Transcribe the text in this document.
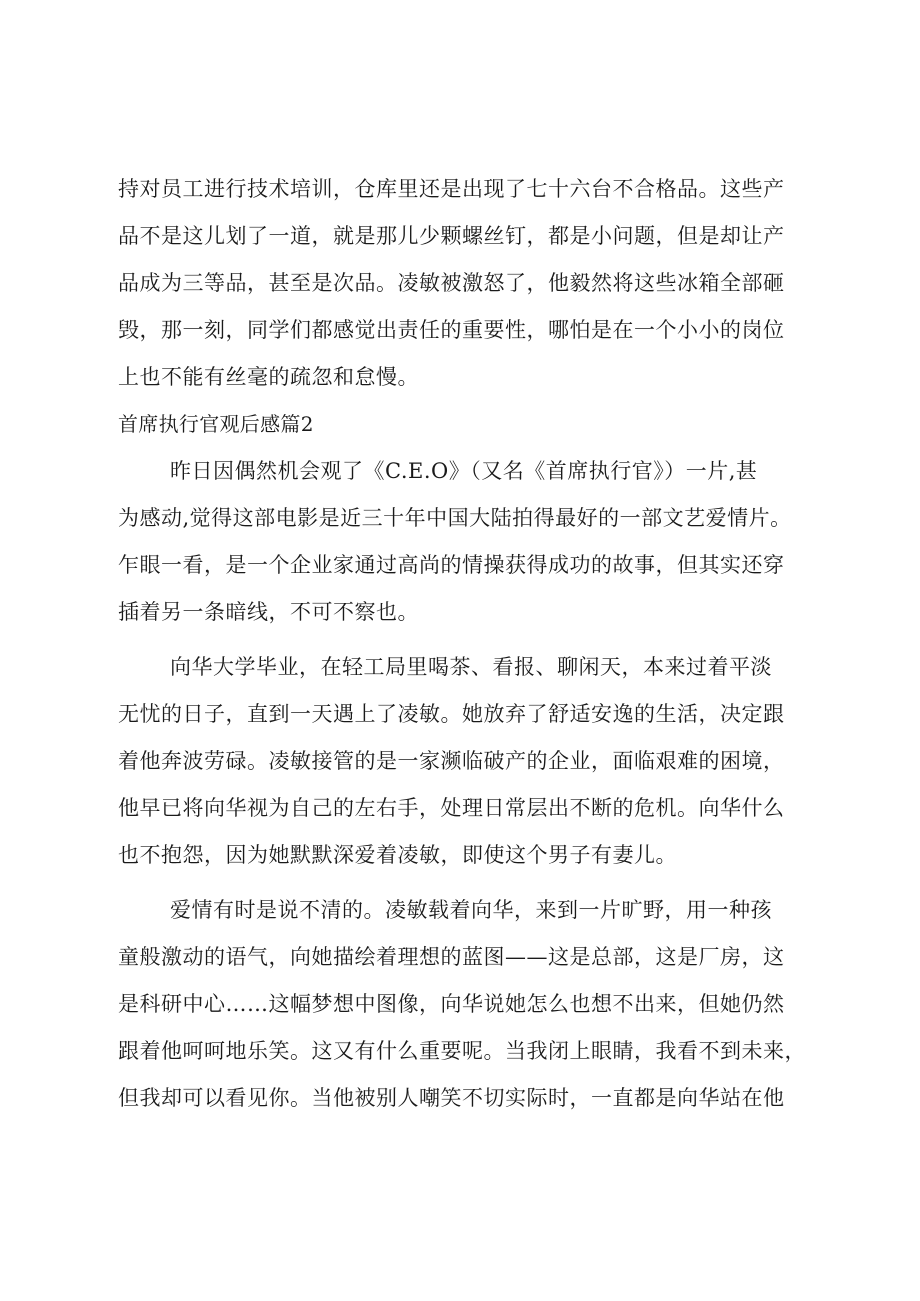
持对员工进行技术培训，仓库里还是出现了七十六台不合格品。这些产
品不是这儿划了一道，就是那儿少颗螺丝钉，都是小问题，但是却让产
品成为三等品，甚至是次品。凌敏被激怒了，他毅然将这些冰箱全部砸
毁，那一刻，同学们都感觉出责任的重要性，哪怕是在一个小小的岗位
上也不能有丝毫的疏忽和怠慢。
首席执行官观后感篇2
昨日因偶然机会观了《C.E.O》（又名《首席执行官》）一片,甚
为感动,觉得这部电影是近三十年中国大陆拍得最好的一部文艺爱情片。
乍眼一看，是一个企业家通过高尚的情操获得成功的故事，但其实还穿
插着另一条暗线，不可不察也。
向华大学毕业，在轻工局里喝茶、看报、聊闲天，本来过着平淡
无忧的日子，直到一天遇上了凌敏。她放弃了舒适安逸的生活，决定跟
着他奔波劳碌。凌敏接管的是一家濒临破产的企业，面临艰难的困境，
他早已将向华视为自己的左右手，处理日常层出不断的危机。向华什么
也不抱怨，因为她默默深爱着凌敏，即使这个男子有妻儿。
爱情有时是说不清的。凌敏载着向华，来到一片旷野，用一种孩
童般激动的语气，向她描绘着理想的蓝图——这是总部，这是厂房，这
是科研中心……这幅梦想中图像，向华说她怎么也想不出来，但她仍然
跟着他呵呵地乐笑。这又有什么重要呢。当我闭上眼睛，我看不到未来，
但我却可以看见你。当他被别人嘲笑不切实际时，一直都是向华站在他
